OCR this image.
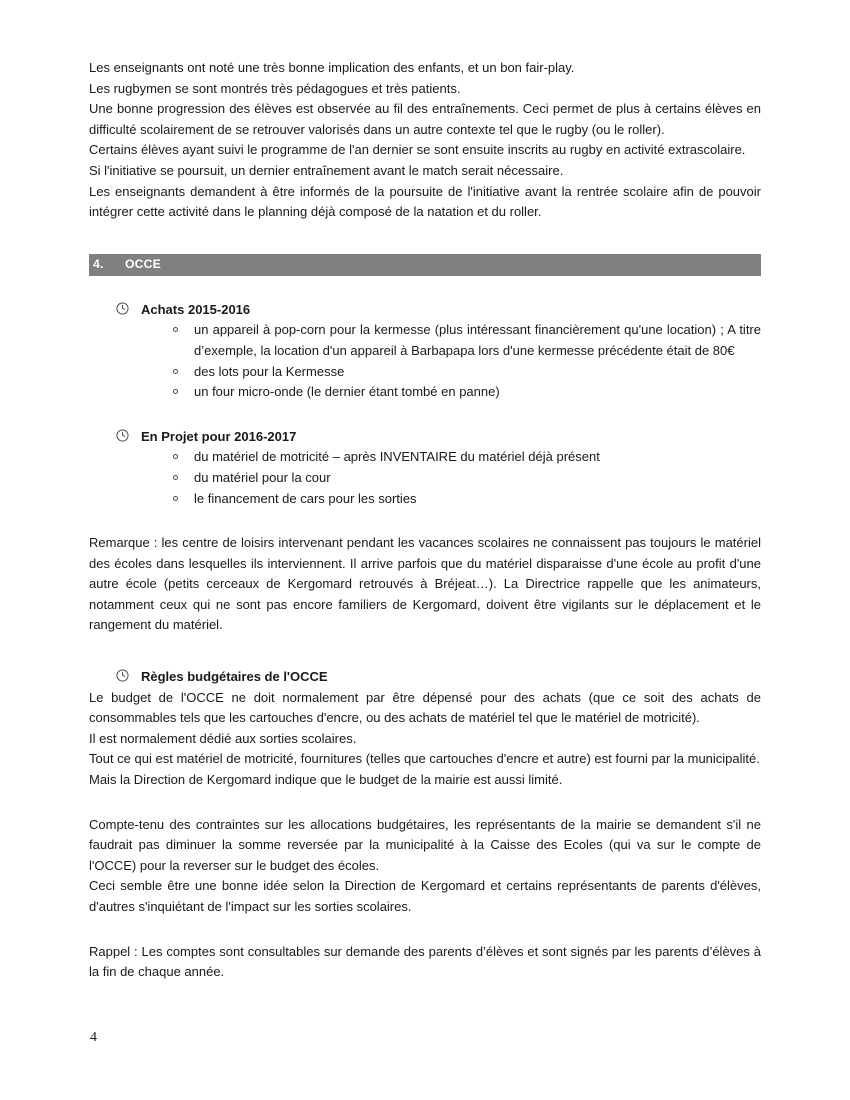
Les enseignants ont noté une très bonne implication des enfants, et un bon fair-play.

Les rugbymen se sont montrés très pédagogues et très patients.

Une bonne progression des élèves est observée au fil des entraînements. Ceci permet de plus à certains élèves en difficulté scolairement de se retrouver valorisés dans un autre contexte tel que le rugby (ou le roller).

Certains élèves ayant suivi le programme de l'an dernier se sont ensuite inscrits au rugby en activité extrascolaire.

Si l'initiative se poursuit, un dernier entraînement avant le match serait nécessaire.

Les enseignants demandent à être informés de la poursuite de l'initiative avant la rentrée scolaire afin de pouvoir intégrer cette activité dans le planning déjà composé de la natation et du roller.

4. OCCE
Achats 2015-2016
un appareil à pop-corn pour la kermesse (plus intéressant financièrement qu'une location) ; A titre d’exemple, la location d'un appareil à Barbapapa lors d'une kermesse précédente était de 80€
des lots pour la Kermesse
un four micro-onde (le dernier étant tombé en panne)
En Projet pour 2016-2017
du matériel de motricité – après INVENTAIRE du matériel déjà présent
du matériel pour la cour
le financement de cars pour les sorties

Remarque : les centre de loisirs intervenant pendant les vacances scolaires ne connaissent pas toujours le matériel des écoles dans lesquelles ils interviennent. Il arrive parfois que du matériel disparaisse d'une école au profit d'une autre école (petits cerceaux de Kergomard retrouvés à Bréjeat…). La Directrice rappelle que les animateurs, notamment ceux qui ne sont pas encore familiers de Kergomard, doivent être vigilants sur le déplacement et le rangement du matériel.

Règles budgétaires de l'OCCE

Le budget de l'OCCE ne doit normalement par être dépensé pour des achats (que ce soit des achats de consommables tels que les cartouches d'encre, ou des achats de matériel tel que le matériel de motricité).

Il est normalement dédié aux sorties scolaires.

Tout ce qui est matériel de motricité, fournitures (telles que cartouches d'encre et autre) est fourni par la municipalité.

Mais la Direction de Kergomard indique que le budget de la mairie est aussi limité.

Compte-tenu des contraintes sur les allocations budgétaires, les représentants de la mairie se demandent s'il ne faudrait pas diminuer la somme reversée par la municipalité à la Caisse des Ecoles (qui va sur le compte de l'OCCE) pour la reverser sur le budget des écoles.

Ceci semble être une bonne idée selon la Direction de Kergomard et certains représentants de parents d'élèves, d'autres s'inquiétant de l'impact sur les sorties scolaires.

Rappel : Les comptes sont consultables sur demande des parents d’élèves et sont signés par les parents d’élèves à la fin de chaque année.

4
